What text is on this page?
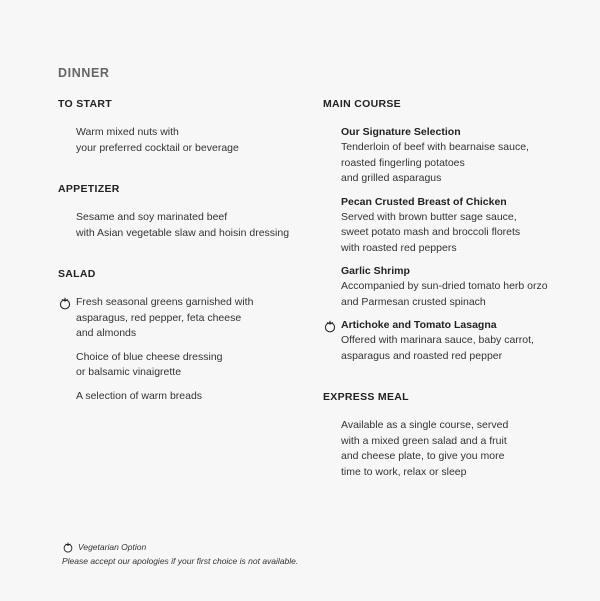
DINNER
TO START
Warm mixed nuts with
your preferred cocktail or beverage
APPETIZER
Sesame and soy marinated beef
with Asian vegetable slaw and hoisin dressing
SALAD
Fresh seasonal greens garnished with
asparagus, red pepper, feta cheese
and almonds
Choice of blue cheese dressing
or balsamic vinaigrette
A selection of warm breads
MAIN COURSE
Our Signature Selection
Tenderloin of beef with bearnaise sauce,
roasted fingerling potatoes
and grilled asparagus
Pecan Crusted Breast of Chicken
Served with brown butter sage sauce,
sweet potato mash and broccoli florets
with roasted red peppers
Garlic Shrimp
Accompanied by sun-dried tomato herb orzo
and Parmesan crusted spinach
Artichoke and Tomato Lasagna
Offered with marinara sauce, baby carrot,
asparagus and roasted red pepper
EXPRESS MEAL
Available as a single course, served
with a mixed green salad and a fruit
and cheese plate, to give you more
time to work, relax or sleep
Vegetarian Option
Please accept our apologies if your first choice is not available.
